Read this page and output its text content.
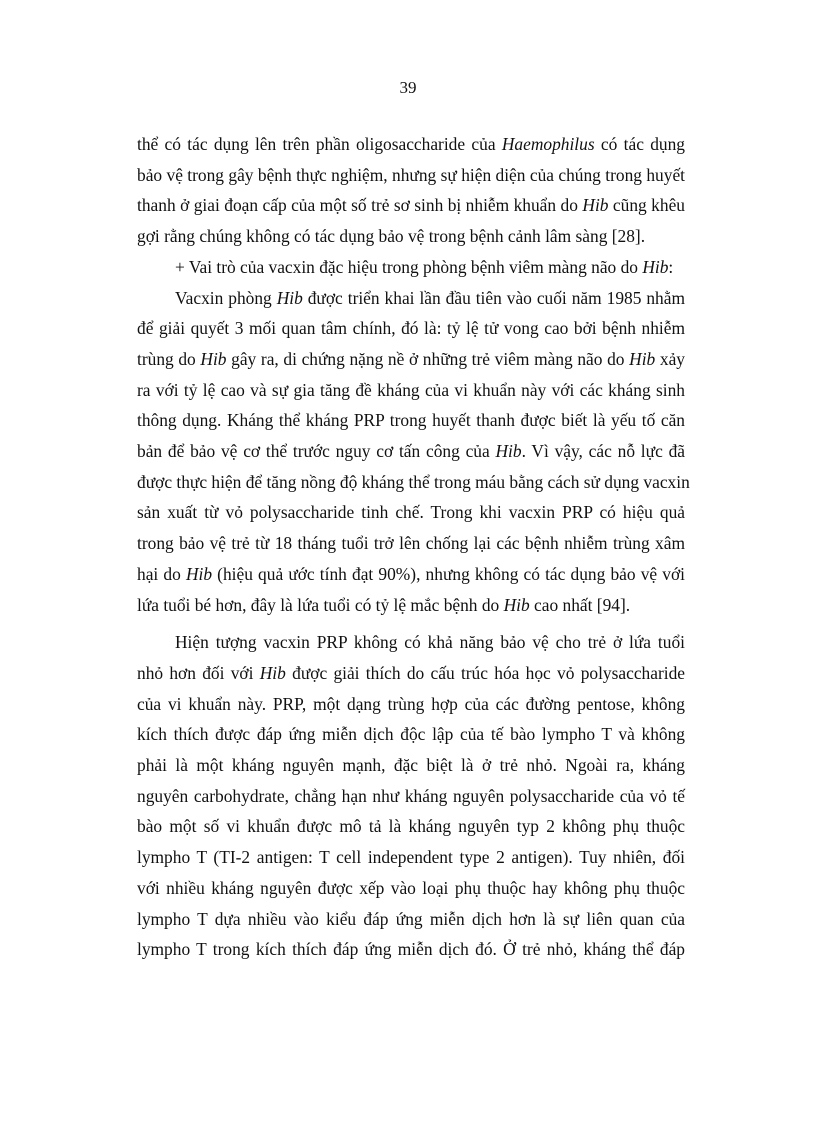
39

thể có tác dụng lên trên phần oligosaccharide của Haemophilus có tác dụng
bảo vệ trong gây bệnh thực nghiệm, nhưng sự hiện diện của chúng trong huyết
thanh ở giai đoạn cấp của một số trẻ sơ sinh bị nhiễm khuẩn do Hib cũng khêu
gợi rằng chúng không có tác dụng bảo vệ trong bệnh cảnh lâm sàng [28].

+ Vai trò của vacxin đặc hiệu trong phòng bệnh viêm màng não do Hib:

Vacxin phòng Hib được triển khai lần đầu tiên vào cuối năm 1985 nhằm
để giải quyết 3 mối quan tâm chính, đó là: tỷ lệ tử vong cao bởi bệnh nhiễm
trùng do Hib gây ra, di chứng nặng nề ở những trẻ viêm màng não do Hib xảy
ra với tỷ lệ cao và sự gia tăng đề kháng của vi khuẩn này với các kháng sinh
thông dụng. Kháng thể kháng PRP trong huyết thanh được biết là yếu tố căn
bản để bảo vệ cơ thể trước nguy cơ tấn công của Hib. Vì vậy, các nỗ lực đã
được thực hiện để tăng nồng độ kháng thể trong máu bằng cách sử dụng vacxin
sản xuất từ vỏ polysaccharide tinh chế. Trong khi vacxin PRP có hiệu quả
trong bảo vệ trẻ từ 18 tháng tuổi trở lên chống lại các bệnh nhiễm trùng xâm
hại do Hib (hiệu quả ước tính đạt 90%), nhưng không có tác dụng bảo vệ với
lứa tuổi bé hơn, đây là lứa tuổi có tỷ lệ mắc bệnh do Hib cao nhất [94].

Hiện tượng vacxin PRP không có khả năng bảo vệ cho trẻ ở lứa tuổi
nhỏ hơn đối với Hib được giải thích do cấu trúc hóa học vỏ polysaccharide
của vi khuẩn này. PRP, một dạng trùng hợp của các đường pentose, không
kích thích được đáp ứng miễn dịch độc lập của tế bào lympho T và không
phải là một kháng nguyên mạnh, đặc biệt là ở trẻ nhỏ. Ngoài ra, kháng
nguyên carbohydrate, chẳng hạn như kháng nguyên polysaccharide của vỏ tế
bào một số vi khuẩn được mô tả là kháng nguyên typ 2 không phụ thuộc
lympho T (TI-2 antigen: T cell independent type 2 antigen). Tuy nhiên, đối
với nhiều kháng nguyên được xếp vào loại phụ thuộc hay không phụ thuộc
lympho T dựa nhiều vào kiểu đáp ứng miễn dịch hơn là sự liên quan của
lympho T trong kích thích đáp ứng miễn dịch đó. Ở trẻ nhỏ, kháng thể đáp
